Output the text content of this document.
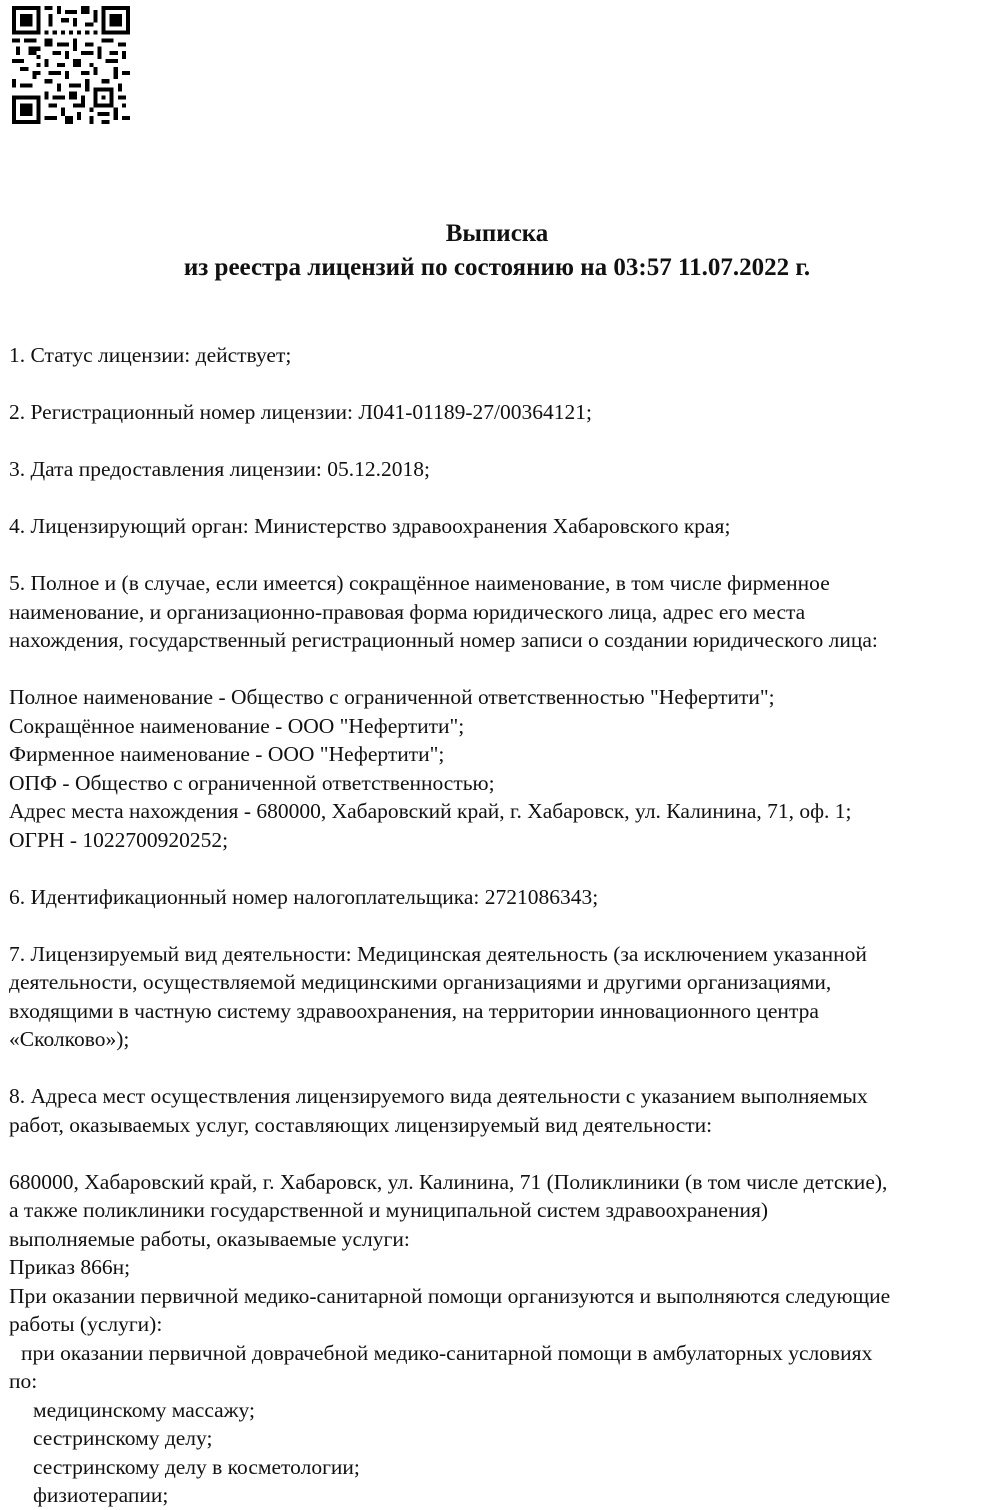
Выписка
из реестра лицензий по состоянию на 03:57 11.07.2022 г.
1. Статус лицензии: действует;
2. Регистрационный номер лицензии: Л041-01189-27/00364121;
3. Дата предоставления лицензии: 05.12.2018;
4. Лицензирующий орган: Министерство здравоохранения Хабаровского края;
5. Полное и (в случае, если имеется) сокращённое наименование, в том числе фирменное
наименование, и организационно-правовая форма юридического лица, адрес его места
нахождения, государственный регистрационный номер записи о создании юридического лица:
Полное наименование - Общество с ограниченной ответственностью "Нефертити";
Сокращённое наименование - ООО "Нефертити";
Фирменное наименование - ООО "Нефертити";
ОПФ - Общество с ограниченной ответственностью;
Адрес места нахождения - 680000, Хабаровский край, г. Хабаровск, ул. Калинина, 71, оф. 1;
ОГРН - 1022700920252;
6. Идентификационный номер налогоплательщика: 2721086343;
7. Лицензируемый вид деятельности: Медицинская деятельность (за исключением указанной
деятельности, осуществляемой медицинскими организациями и другими организациями,
входящими в частную систему здравоохранения, на территории инновационного центра
«Сколково»);
8. Адреса мест осуществления лицензируемого вида деятельности с указанием выполняемых
работ, оказываемых услуг, составляющих лицензируемый вид деятельности:
680000, Хабаровский край, г. Хабаровск, ул. Калинина, 71 (Поликлиники (в том числе детские),
а также поликлиники государственной и муниципальной систем здравоохранения)
выполняемые работы, оказываемые услуги:
Приказ 866н;
При оказании первичной медико-санитарной помощи организуются и выполняются следующие
работы (услуги):
при оказании первичной доврачебной медико-санитарной помощи в амбулаторных условиях
по:
медицинскому массажу;
сестринскому делу;
сестринскому делу в косметологии;
физиотерапии;
